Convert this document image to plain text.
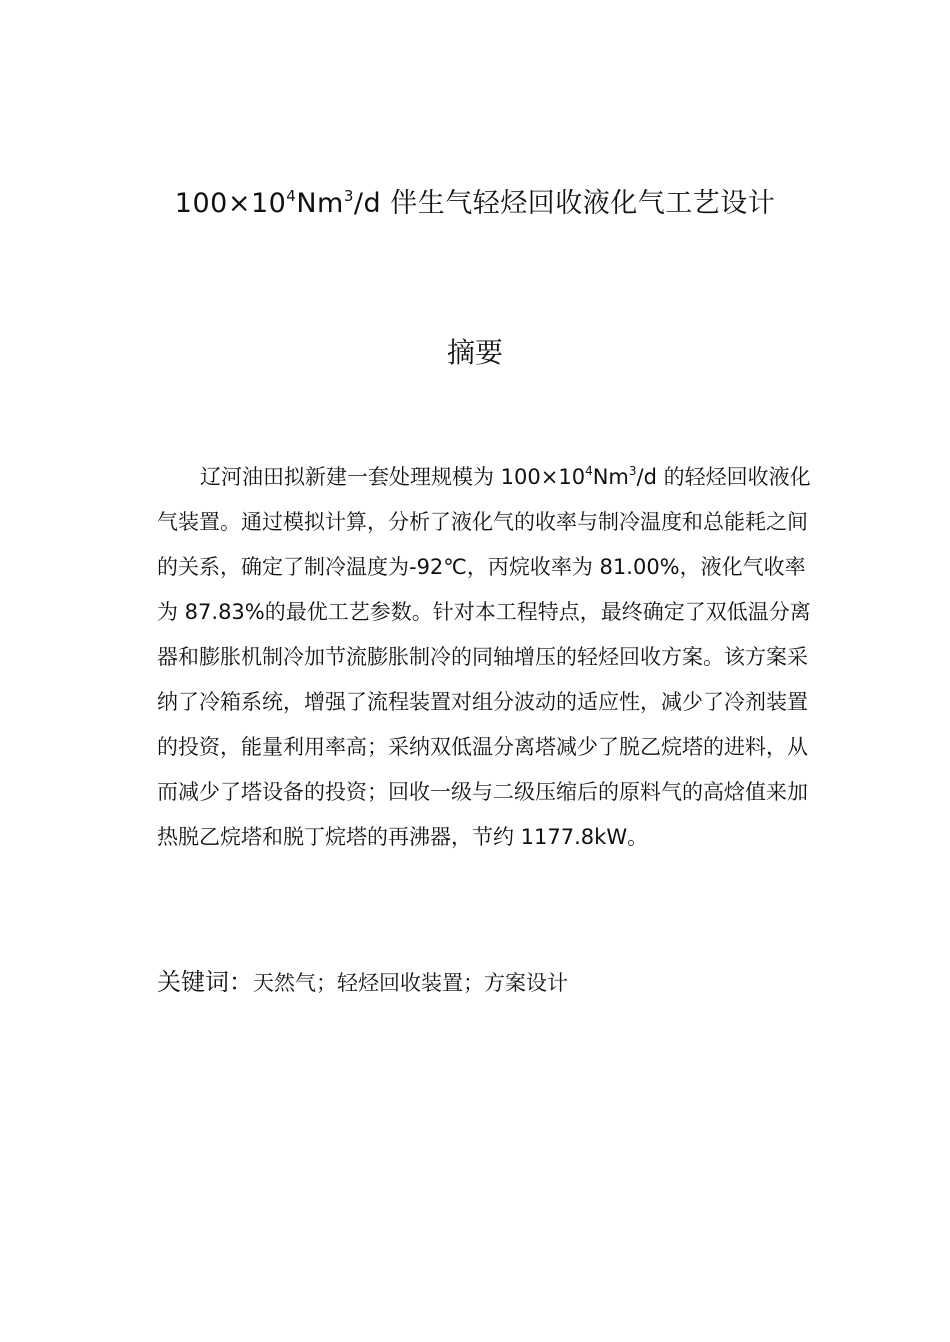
$100\times 10^4Nm^3/d$ 伴生气轻烃回收液化气工艺设计
摘要
辽河油田拟新建一套处理规模为 $100\times 10^4Nm^3/d$ 的轻烃回收液化
气装置。通过模拟计算，分析了液化气的收率与制冷温度和总能耗之间
的关系，确定了制冷温度为-92℃，丙烷收率为 81.00%，液化气收率
为 87.83%的最优工艺参数。针对本工程特点，最终确定了双低温分离
器和膨胀机制冷加节流膨胀制冷的同轴增压的轻烃回收方案。该方案采
纳了冷箱系统，增强了流程装置对组分波动的适应性，减少了冷剂装置
的投资，能量利用率高；采纳双低温分离塔减少了脱乙烷塔的进料，从
而减少了塔设备的投资；回收一级与二级压缩后的原料气的高焓值来加
热脱乙烷塔和脱丁烷塔的再沸器，节约 1177.8kW。
关键词：天然气；轻烃回收装置；方案设计
